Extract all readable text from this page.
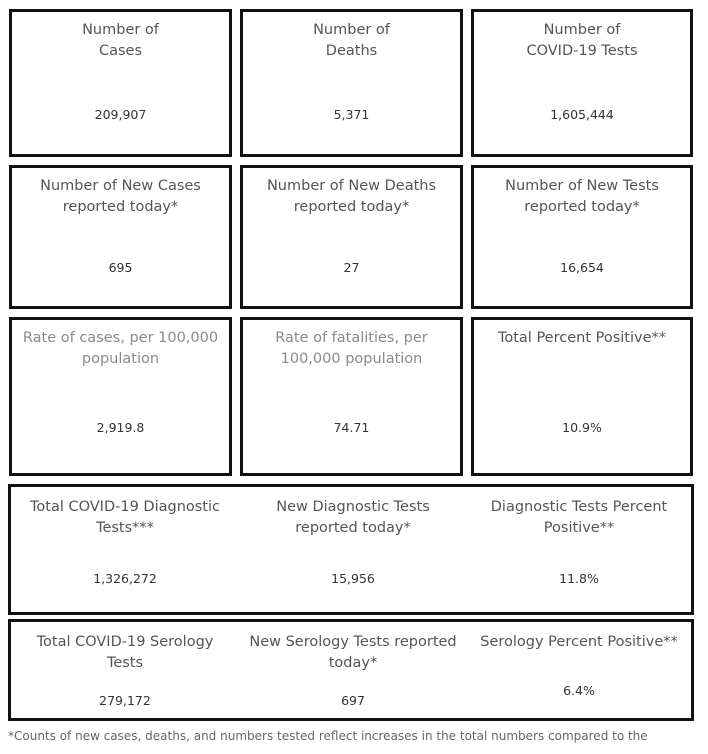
Number of
Cases
209,907
Number of
Deaths
5,371
Number of
COVID-19 Tests
1,605,444
Number of New Cases
reported today*
695
Number of New Deaths
reported today*
27
Number of New Tests
reported today*
16,654
Rate of cases, per 100,000
population
2,919.8
Rate of fatalities, per
100,000 population
74.71
Total Percent Positive**
10.9%
Total COVID-19 Diagnostic
Tests***
1,326,272
New Diagnostic Tests
reported today*
15,956
Diagnostic Tests Percent
Positive**
11.8%
Total COVID-19 Serology
Tests
279,172
New Serology Tests reported
today*
697
Serology Percent Positive**
6.4%
*Counts of new cases, deaths, and numbers tested reflect increases in the total numbers compared to the
